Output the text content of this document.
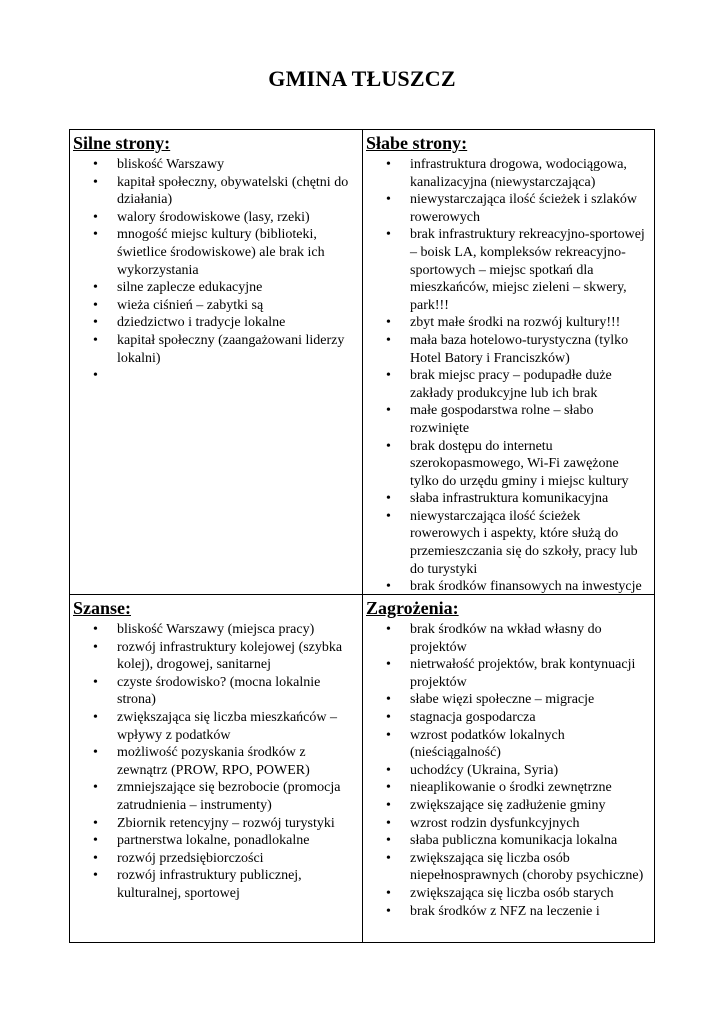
GMINA TŁUSZCZ
Silne strony:
• bliskość Warszawy
• kapitał społeczny, obywatelski (chętni do działania)
• walory środowiskowe (lasy, rzeki)
• mnogość miejsc kultury (biblioteki, świetlice środowiskowe) ale brak ich wykorzystania
• silne zaplecze edukacyjne
• wieża ciśnień – zabytki są
• dziedzictwo i tradycje lokalne
• kapitał społeczny (zaangażowani liderzy lokalni)
•
Słabe strony:
• infrastruktura drogowa, wodociągowa, kanalizacyjna (niewystarczająca)
• niewystarczająca ilość ścieżek i szlaków rowerowych
• brak infrastruktury rekreacyjno-sportowej – boisk LA, kompleksów rekreacyjno-sportowych – miejsc spotkań dla mieszkańców, miejsc zieleni – skwery, park!!!
• zbyt małe środki na rozwój kultury!!!
• mała baza hotelowo-turystyczna (tylko Hotel Batory i Franciszków)
• brak miejsc pracy – podupadłe duże zakłady produkcyjne lub ich brak
• małe gospodarstwa rolne – słabo rozwinięte
• brak dostępu do internetu szerokopasmowego, Wi-Fi zawężone tylko do urzędu gminy i miejsc kultury
• słaba infrastruktura komunikacyjna
• niewystarczająca ilość ścieżek rowerowych i aspekty, które służą do przemieszczania się do szkoły, pracy lub do turystyki
• brak środków finansowych na inwestycje
Szanse:
• bliskość Warszawy (miejsca pracy)
• rozwój infrastruktury kolejowej (szybka kolej), drogowej, sanitarnej
• czyste środowisko? (mocna lokalnie strona)
• zwiększająca się liczba mieszkańców – wpływy z podatków
• możliwość pozyskania środków z zewnątrz (PROW, RPO, POWER)
• zmniejszające się bezrobocie (promocja zatrudnienia – instrumenty)
• Zbiornik retencyjny – rozwój turystyki
• partnerstwa lokalne, ponadlokalne
• rozwój przedsiębiorczości
• rozwój infrastruktury publicznej, kulturalnej, sportowej
Zagrożenia:
• brak środków na wkład własny do projektów
• nietrwałość projektów, brak kontynuacji projektów
• słabe więzi społeczne – migracje
• stagnacja gospodarcza
• wzrost podatków lokalnych (nieściągalność)
• uchodźcy (Ukraina, Syria)
• nieaplikowanie o środki zewnętrzne
• zwiększające się zadłużenie gminy
• wzrost rodzin dysfunkcyjnych
• słaba publiczna komunikacja lokalna
• zwiększająca się liczba osób niepełnosprawnych (choroby psychiczne)
• zwiększająca się liczba osób starych
• brak środków z NFZ na leczenie i
